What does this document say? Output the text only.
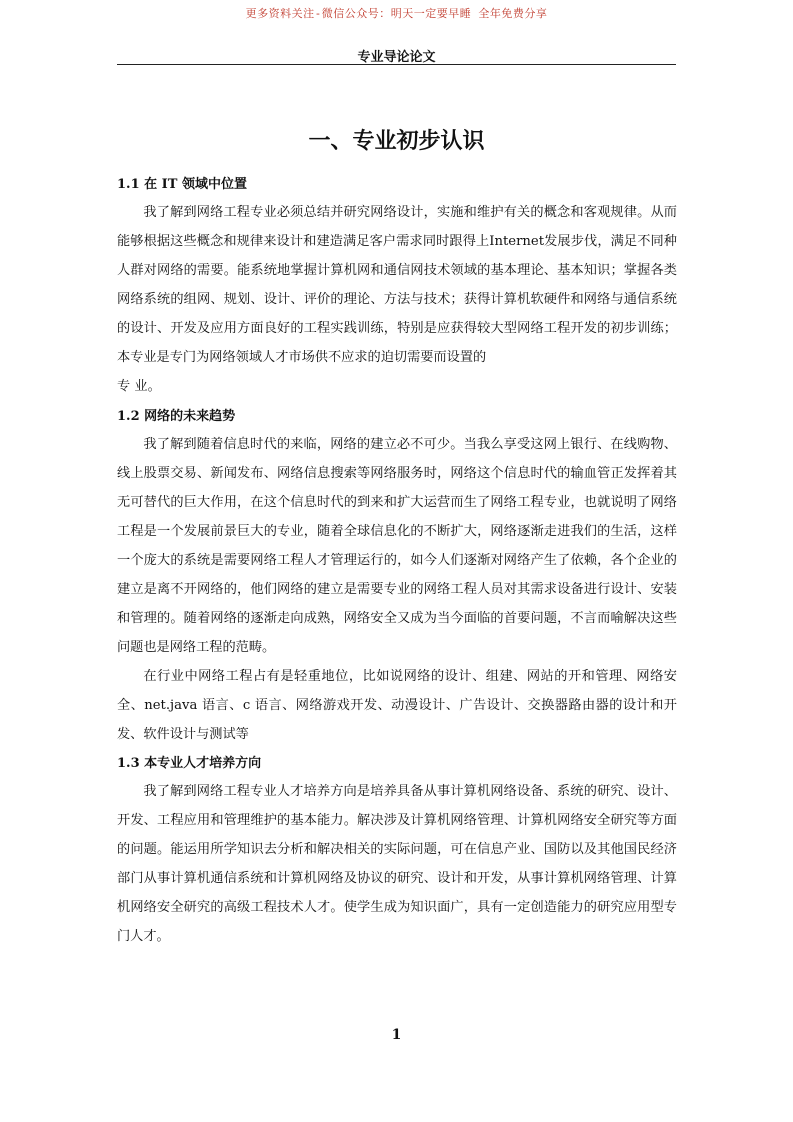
更多资料关注-微信公众号：明天一定要早睡 全年免费分享
专业导论论文
一、专业初步认识
1.1 在 IT 领域中位置

我了解到网络工程专业必须总结并研究网络设计，实施和维护有关的概念和客观规律。从而能够根据这些概念和规律来设计和建造满足客户需求同时跟得上Internet发展步伐，满足不同种人群对网络的需要。能系统地掌握计算机网和通信网技术领域的基本理论、基本知识；掌握各类网络系统的组网、规划、设计、评价的理论、方法与技术；获得计算机软硬件和网络与通信系统的设计、开发及应用方面良好的工程实践训练，特别是应获得较大型网络工程开发的初步训练；本专业是专门为网络领域人才市场供不应求的迫切需要而设置的

专 业。

1.2 网络的未来趋势

我了解到随着信息时代的来临，网络的建立必不可少。当我么享受这网上银行、在线购物、线上股票交易、新闻发布、网络信息搜索等网络服务时，网络这个信息时代的输血管正发挥着其无可替代的巨大作用，在这个信息时代的到来和扩大运营而生了网络工程专业，也就说明了网络工程是一个发展前景巨大的专业，随着全球信息化的不断扩大，网络逐渐走进我们的生活，这样一个庞大的系统是需要网络工程人才管理运行的，如今人们逐渐对网络产生了依赖，各个企业的建立是离不开网络的，他们网络的建立是需要专业的网络工程人员对其需求设备进行设计、安装和管理的。随着网络的逐渐走向成熟，网络安全又成为当今面临的首要问题，不言而喻解决这些问题也是网络工程的范畴。

在行业中网络工程占有是轻重地位，比如说网络的设计、组建、网站的开和管理、网络安全、net.java 语言、c 语言、网络游戏开发、动漫设计、广告设计、交换器路由器的设计和开发、软件设计与测试等

1.3 本专业人才培养方向

我了解到网络工程专业人才培养方向是培养具备从事计算机网络设备、系统的研究、设计、开发、工程应用和管理维护的基本能力。解决涉及计算机网络管理、计算机网络安全研究等方面的问题。能运用所学知识去分析和解决相关的实际问题，可在信息产业、国防以及其他国民经济部门从事计算机通信系统和计算机网络及协议的研究、设计和开发，从事计算机网络管理、计算机网络安全研究的高级工程技术人才。使学生成为知识面广，具有一定创造能力的研究应用型专门人才。

1
